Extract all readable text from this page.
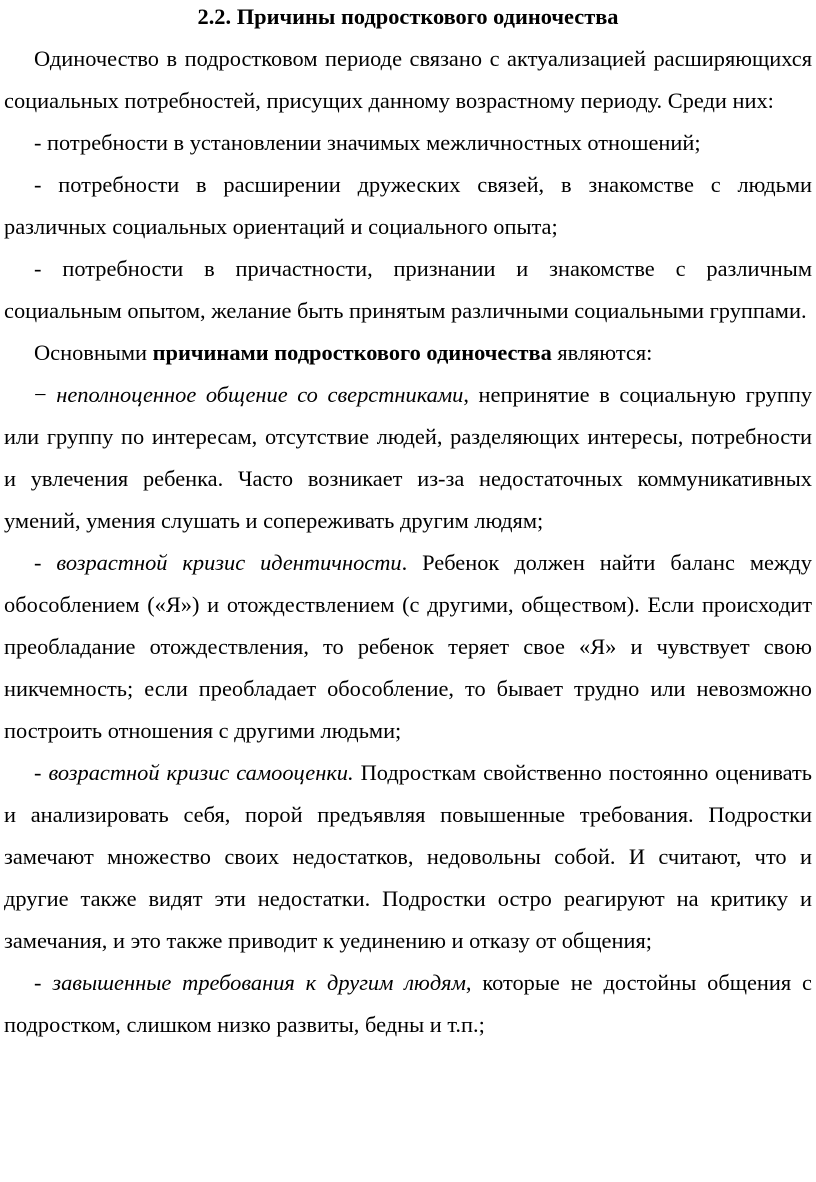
2.2. Причины подросткового одиночества

Одиночество в подростковом периоде связано с актуализацией расширяющихся социальных потребностей, присущих данному возрастному периоду. Среди них:

- потребности в установлении значимых межличностных отношений;

- потребности в расширении дружеских связей, в знакомстве с людьми различных социальных ориентаций и социального опыта;

- потребности в причастности, признании и знакомстве с различным социальным опытом, желание быть принятым различными социальными группами.

Основными причинами подросткового одиночества являются:

− неполноценное общение со сверстниками, непринятие в социальную группу или группу по интересам, отсутствие людей, разделяющих интересы, потребности и увлечения ребенка. Часто возникает из-за недостаточных коммуникативных умений, умения слушать и сопереживать другим людям;

- возрастной кризис идентичности. Ребенок должен найти баланс между обособлением («Я») и отождествлением (с другими, обществом). Если происходит преобладание отождествления, то ребенок теряет свое «Я» и чувствует свою никчемность; если преобладает обособление, то бывает трудно или невозможно построить отношения с другими людьми;

- возрастной кризис самооценки. Подросткам свойственно постоянно оценивать и анализировать себя, порой предъявляя повышенные требования. Подростки замечают множество своих недостатков, недовольны собой. И считают, что и другие также видят эти недостатки. Подростки остро реагируют на критику и замечания, и это также приводит к уединению и отказу от общения;

- завышенные требования к другим людям, которые не достойны общения с подростком, слишком низко развиты, бедны и т.п.;
